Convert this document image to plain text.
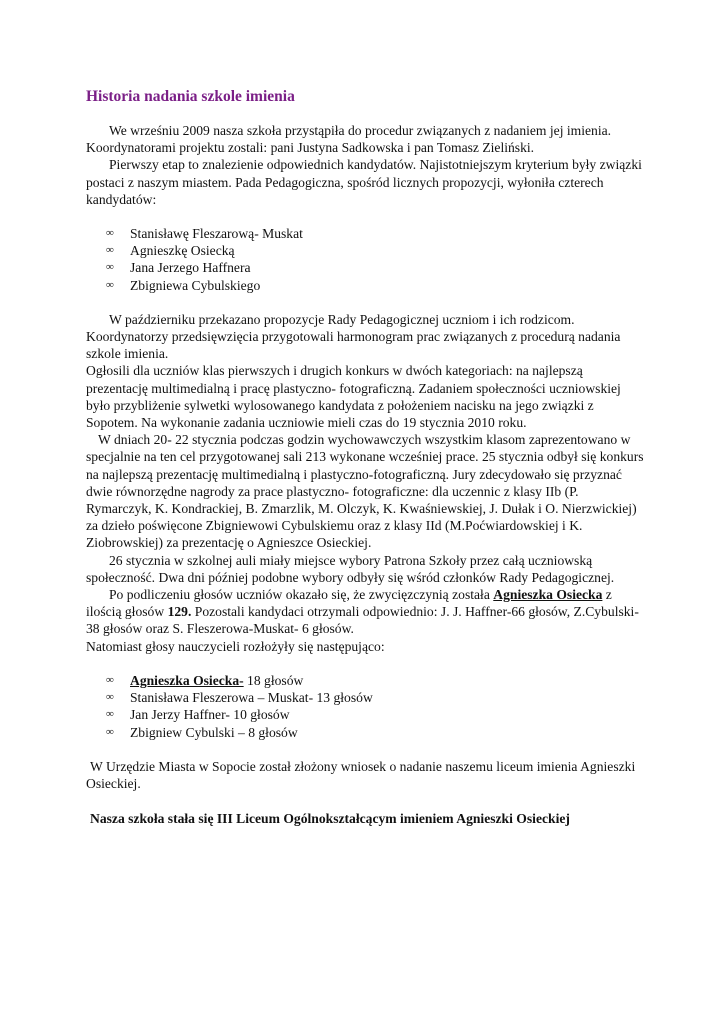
Historia nadania szkole imienia

We wrześniu 2009 nasza szkoła przystąpiła do procedur związanych z nadaniem jej imienia.

Koordynatorami projektu zostali: pani Justyna Sadkowska i pan Tomasz Zieliński.

Pierwszy etap to znalezienie odpowiednich kandydatów. Najistotniejszym kryterium były związki postaci z naszym miastem. Pada Pedagogiczna, spośród licznych propozycji, wyłoniła czterech kandydatów:

∞ Stanisławę Fleszarową- Muskat
∞ Agnieszkę Osiecką
∞ Jana Jerzego Haffnera
∞ Zbigniewa Cybulskiego

W październiku przekazano propozycje Rady Pedagogicznej uczniom i ich rodzicom.

Koordynatorzy przedsięwzięcia przygotowali harmonogram prac związanych z procedurą nadania szkole imienia.

Ogłosili dla uczniów klas pierwszych i drugich konkurs w dwóch kategoriach: na najlepszą prezentację multimedialną i pracę plastyczno- fotograficzną. Zadaniem społeczności uczniowskiej było przybliżenie sylwetki wylosowanego kandydata z położeniem nacisku na jego związki z Sopotem. Na wykonanie zadania uczniowie mieli czas do 19 stycznia 2010 roku.

W dniach 20- 22 stycznia podczas godzin wychowawczych wszystkim klasom zaprezentowano w specjalnie na ten cel przygotowanej sali 213 wykonane wcześniej prace. 25 stycznia odbył się konkurs na najlepszą prezentację multimedialną i plastyczno-fotograficzną. Jury zdecydowało się przyznać dwie równorzędne nagrody za prace plastyczno- fotograficzne: dla uczennic z klasy IIb (P. Rymarczyk, K. Kondrackiej, B. Zmarzlik, M. Olczyk, K. Kwaśniewskiej, J. Dułak i O. Nierzwickiej) za dzieło poświęcone Zbigniewowi Cybulskiemu oraz z klasy IId (M.Poćwiardowskiej i K. Ziobrowskiej) za prezentację o Agnieszce Osieckiej.

26 stycznia w szkolnej auli miały miejsce wybory Patrona Szkoły przez całą uczniowską społeczność. Dwa dni później podobne wybory odbyły się wśród członków Rady Pedagogicznej.

Po podliczeniu głosów uczniów okazało się, że zwycięzczynią została Agnieszka Osiecka z ilością głosów 129. Pozostali kandydaci otrzymali odpowiednio: J. J. Haffner-66 głosów, Z.Cybulski-38 głosów oraz S. Fleszerowa-Muskat- 6 głosów.

Natomiast głosy nauczycieli rozłożyły się następująco:

∞ Agnieszka Osiecka- 18 głosów
∞ Stanisława Fleszerowa – Muskat- 13 głosów
∞ Jan Jerzy Haffner- 10 głosów
∞ Zbigniew Cybulski – 8 głosów

W Urzędzie Miasta w Sopocie został złożony wniosek o nadanie naszemu liceum imienia Agnieszki Osieckiej.

Nasza szkoła stała się III Liceum Ogólnokształcącym imieniem Agnieszki Osieckiej
